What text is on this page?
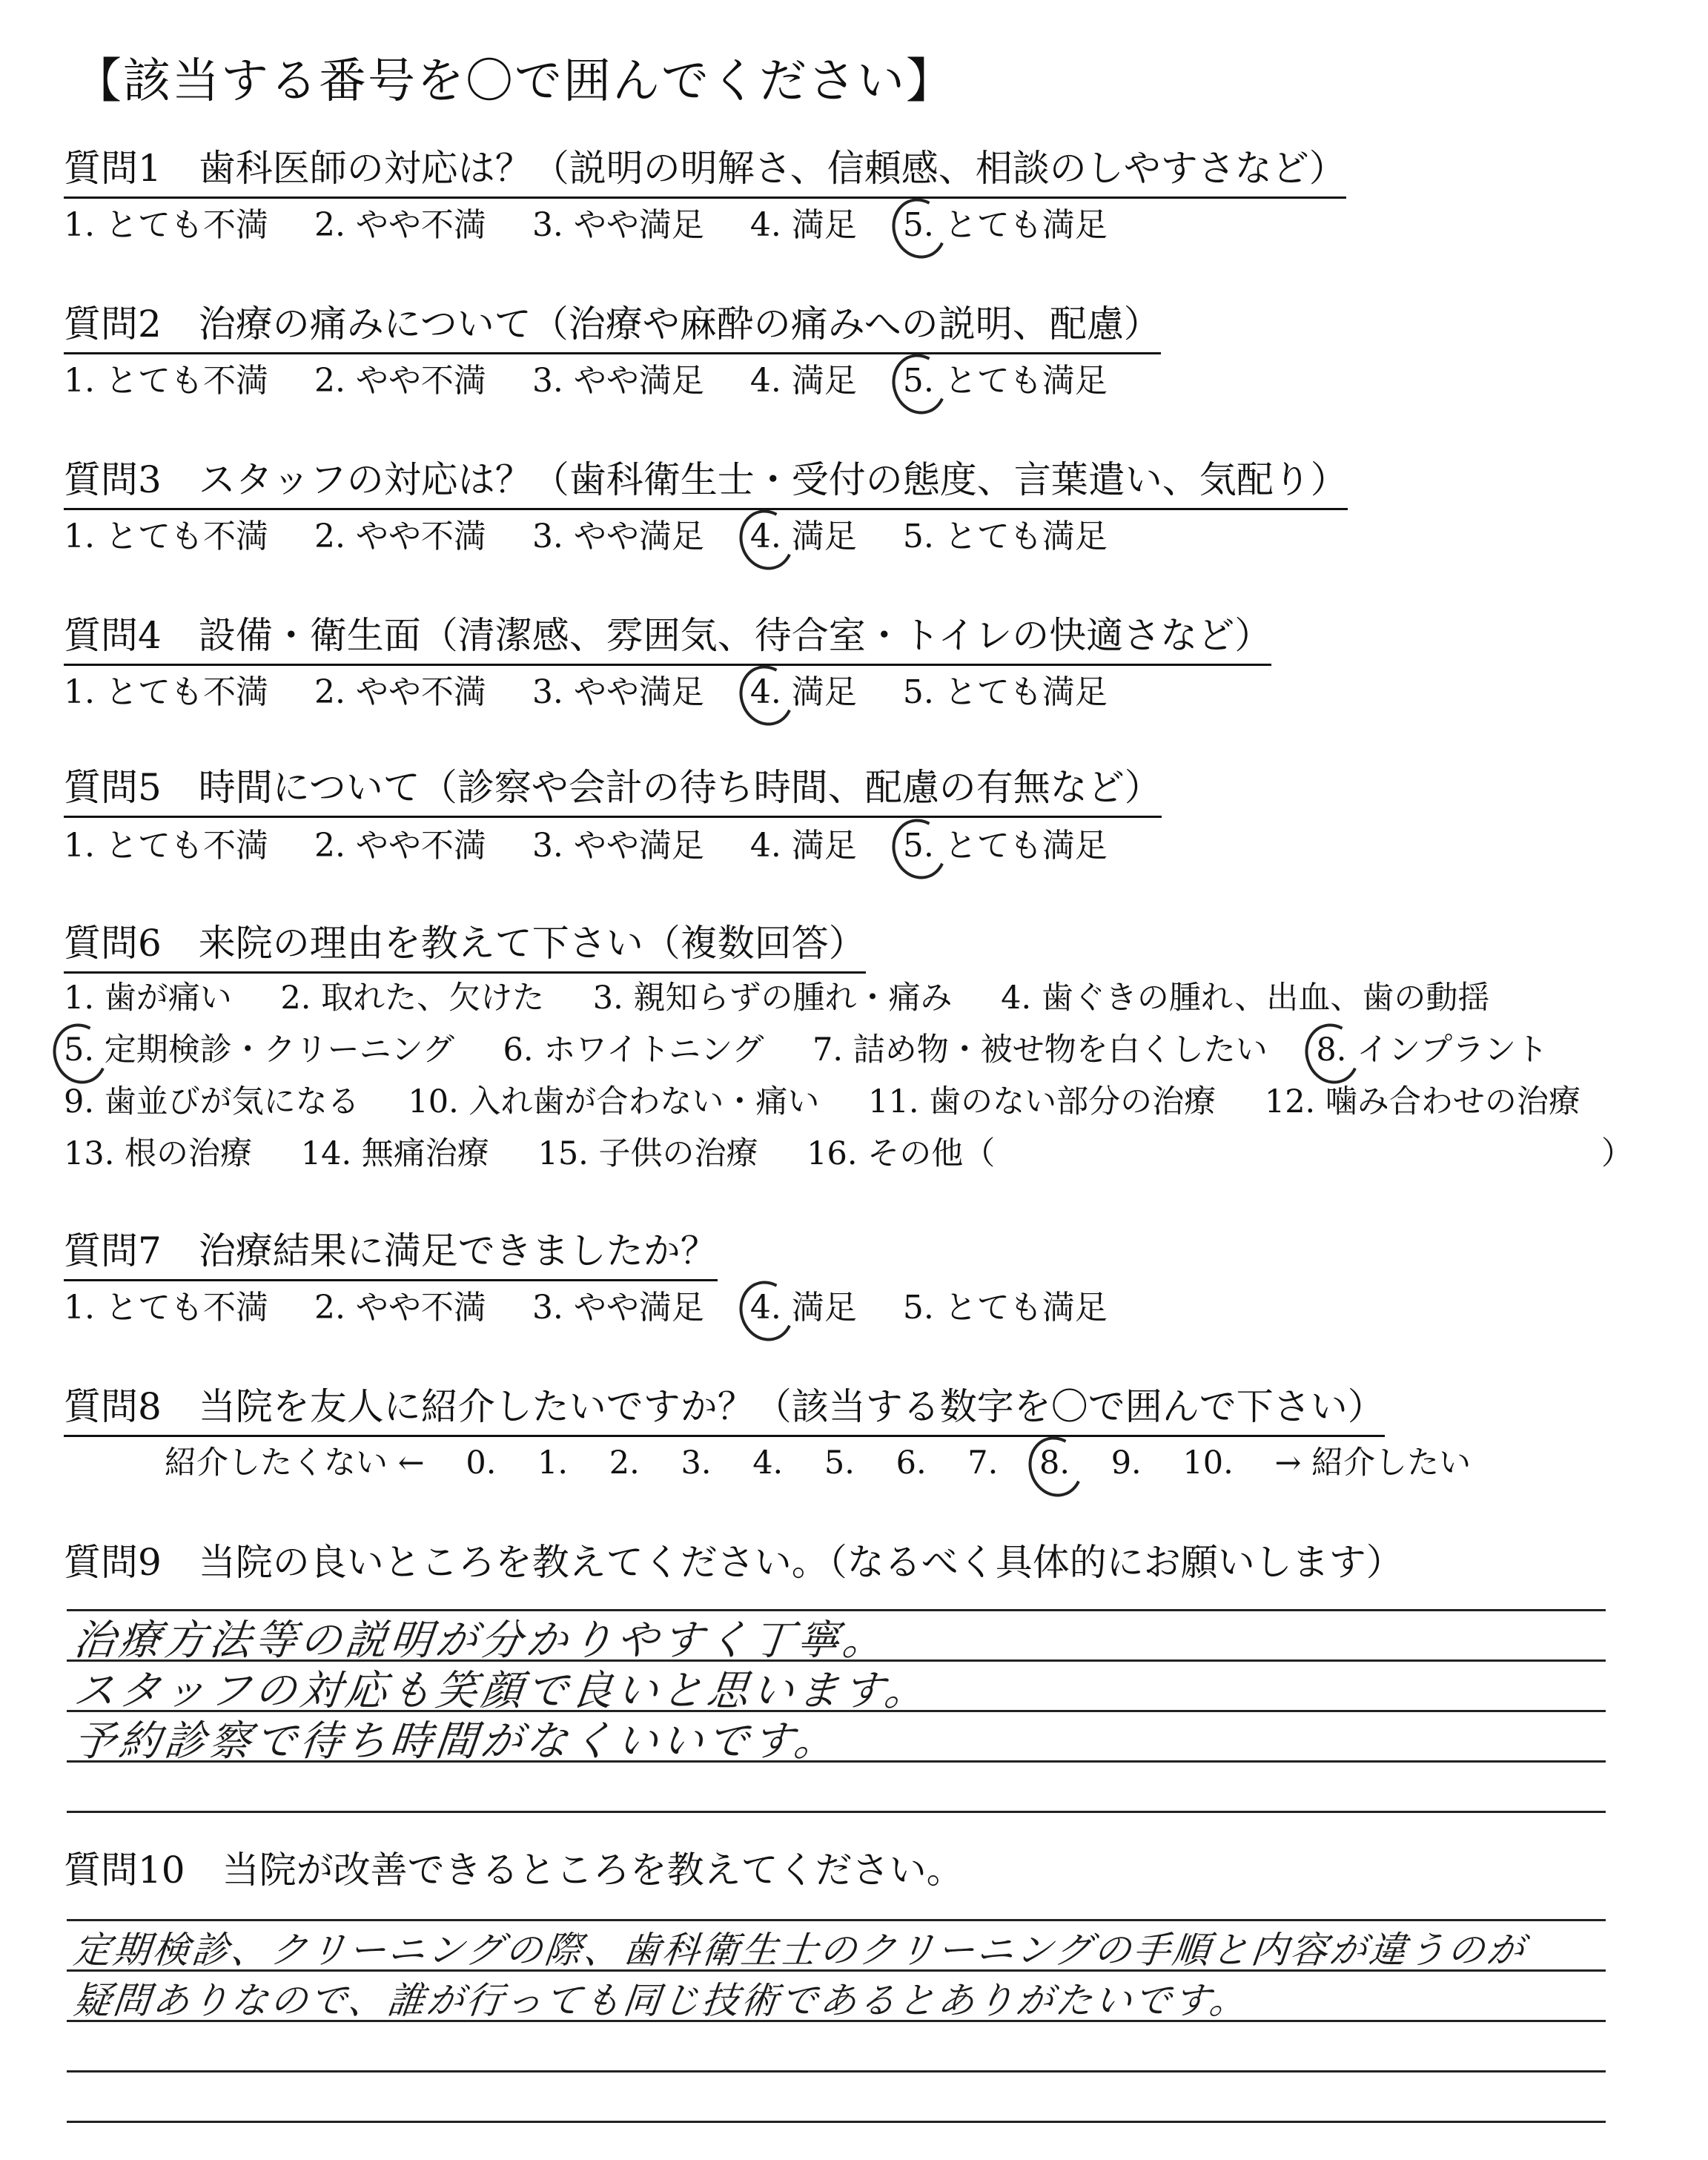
【該当する番号を〇で囲んでください】
質問1　歯科医師の対応は？（説明の明解さ、信頼感、相談のしやすさなど）
1. とても不満 2. やや不満 3. やや満足 4. 満足 5. とても満足
質問2　治療の痛みについて（治療や麻酔の痛みへの説明、配慮）
1. とても不満 2. やや不満 3. やや満足 4. 満足 5. とても満足
質問3　スタッフの対応は？（歯科衛生士・受付の態度、言葉遣い、気配り）
1. とても不満 2. やや不満 3. やや満足 4. 満足 5. とても満足
質問4　設備・衛生面（清潔感、雰囲気、待合室・トイレの快適さなど）
1. とても不満 2. やや不満 3. やや満足 4. 満足 5. とても満足
質問5　時間について（診察や会計の待ち時間、配慮の有無など）
1. とても不満 2. やや不満 3. やや満足 4. 満足 5. とても満足
質問6　来院の理由を教えて下さい（複数回答）
1. 歯が痛い 2. 取れた、欠けた 3. 親知らずの腫れ・痛み 4. 歯ぐきの腫れ、出血、歯の動揺
5. 定期検診・クリーニング 6. ホワイトニング 7. 詰め物・被せ物を白くしたい 8. インプラント
9. 歯並びが気になる 10. 入れ歯が合わない・痛い 11. 歯のない部分の治療 12. 噛み合わせの治療
13. 根の治療 14. 無痛治療 15. 子供の治療 16. その他（	）
質問7　治療結果に満足できましたか？
1. とても不満 2. やや不満 3. やや満足 4. 満足 5. とても満足
質問8　当院を友人に紹介したいですか？（該当する数字を〇で囲んで下さい）
紹介したくない ← 0. 1. 2. 3. 4. 5. 6. 7. 8. 9. 10. → 紹介したい
質問9　当院の良いところを教えてください。（なるべく具体的にお願いします）
治療方法等の説明が分かりやすく丁寧。
スタッフの対応も笑顔で良いと思います。
予約診察で待ち時間がなくいいです。
質問10　当院が改善できるところを教えてください。
定期検診、クリーニングの際、歯科衛生士のクリーニングの手順と内容が違うのが
疑問ありなので、誰が行っても同じ技術であるとありがたいです。
